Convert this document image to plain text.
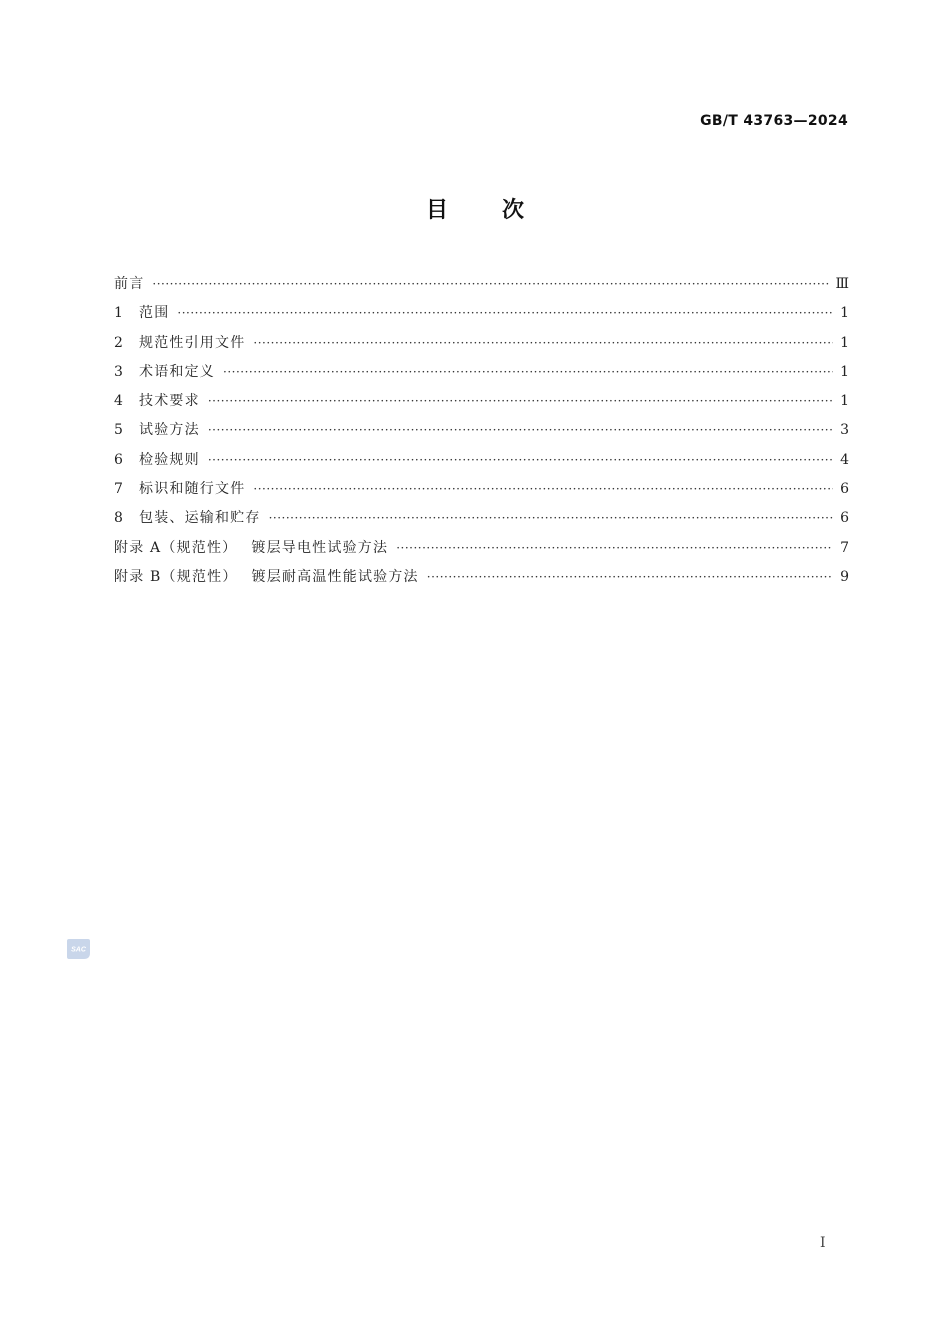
GB/T 43763—2024
目 次
前言 ·····	Ⅲ
1	范围 ·····	1
2	规范性引用文件 ·····	1
3	术语和定义 ·····	1
4	技术要求 ·····	1
5	试验方法 ·····	3
6	检验规则 ·····	4
7	标识和随行文件 ·····	6
8	包装、运输和贮存 ·····	6
附录 A（规范性） 镀层导电性试验方法 ·····	7
附录 B（规范性） 镀层耐高温性能试验方法 ·····	9
SAC
I
